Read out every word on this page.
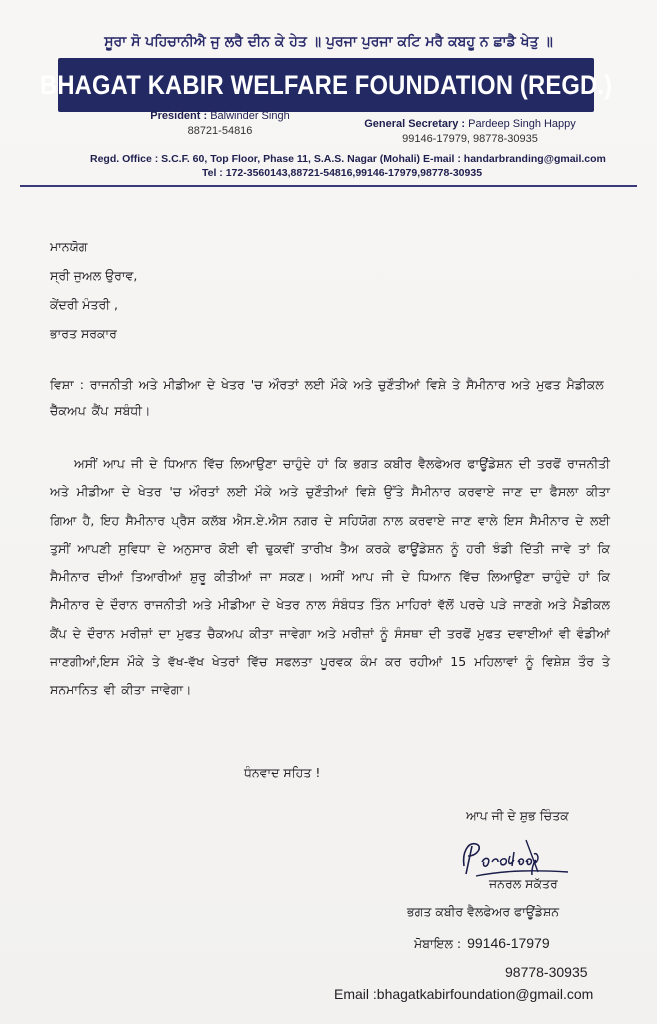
ਸੂਰਾ ਸੋ ਪਹਿਚਾਨੀਐ ਜੁ ਲਰੈ ਦੀਨ ਕੇ ਹੇਤ ॥ ਪੁਰਜਾ ਪੁਰਜਾ ਕਟਿ ਮਰੈ ਕਬਹੂ ਨ ਛਾਡੈ ਖੇਤੁ ॥
BHAGAT KABIR WELFARE FOUNDATION (REGD.)
President : Balwinder Singh
88721-54816
General Secretary : Pardeep Singh Happy
99146-17979, 98778-30935
Regd. Office : S.C.F. 60, Top Floor, Phase 11, S.A.S. Nagar (Mohali) E-mail : handarbranding@gmail.com
Tel : 172-3560143,88721-54816,99146-17979,98778-30935
ਮਾਨਯੋਗ
ਸ੍ਰੀ ਜੁਅਲ ਉਰਾਵ,
ਕੇਂਦਰੀ ਮੰਤਰੀ ,
ਭਾਰਤ ਸਰਕਾਰ
ਵਿਸ਼ਾ : ਰਾਜਨੀਤੀ ਅਤੇ ਮੀਡੀਆ ਦੇ ਖੇਤਰ 'ਚ ਔਰਤਾਂ ਲਈ ਮੌਕੇ ਅਤੇ ਚੁਣੌਤੀਆਂ ਵਿਸ਼ੇ ਤੇ ਸੈਮੀਨਾਰ ਅਤੇ ਮੁਫਤ ਮੈਡੀਕਲ ਚੈੱਕਅਪ ਕੈਂਪ ਸਬੰਧੀ।
ਅਸੀਂ ਆਪ ਜੀ ਦੇ ਧਿਆਨ ਵਿੱਚ ਲਿਆਉਣਾ ਚਾਹੁੰਦੇ ਹਾਂ ਕਿ ਭਗਤ ਕਬੀਰ ਵੈਲਫੇਅਰ ਫਾਊਂਡੇਸ਼ਨ ਦੀ ਤਰਫੋਂ ਰਾਜਨੀਤੀ ਅਤੇ ਮੀਡੀਆ ਦੇ ਖੇਤਰ 'ਚ ਔਰਤਾਂ ਲਈ ਮੌਕੇ ਅਤੇ ਚੁਣੌਤੀਆਂ ਵਿਸ਼ੇ ਉੱਤੇ ਸੈਮੀਨਾਰ ਕਰਵਾਏ ਜਾਣ ਦਾ ਫੈਸਲਾ ਕੀਤਾ ਗਿਆ ਹੈ, ਇਹ ਸੈਮੀਨਾਰ ਪ੍ਰੈਸ ਕਲੱਬ ਐਸ.ਏ.ਐਸ ਨਗਰ ਦੇ ਸਹਿਯੋਗ ਨਾਲ ਕਰਵਾਏ ਜਾਣ ਵਾਲੇ ਇਸ ਸੈਮੀਨਾਰ ਦੇ ਲਈ ਤੁਸੀਂ ਆਪਣੀ ਸੁਵਿਧਾ ਦੇ ਅਨੁਸਾਰ ਕੋਈ ਵੀ ਢੁਕਵੀਂ ਤਾਰੀਖ ਤੈਅ ਕਰਕੇ ਫਾਊਂਡੇਸ਼ਨ ਨੂੰ ਹਰੀ ਝੰਡੀ ਦਿੱਤੀ ਜਾਵੇ ਤਾਂ ਕਿ ਸੈਮੀਨਾਰ ਦੀਆਂ ਤਿਆਰੀਆਂ ਸ਼ੁਰੂ ਕੀਤੀਆਂ ਜਾ ਸਕਣ। ਅਸੀਂ ਆਪ ਜੀ ਦੇ ਧਿਆਨ ਵਿੱਚ ਲਿਆਉਣਾ ਚਾਹੁੰਦੇ ਹਾਂ ਕਿ ਸੈਮੀਨਾਰ ਦੇ ਦੌਰਾਨ ਰਾਜਨੀਤੀ ਅਤੇ ਮੀਡੀਆ ਦੇ ਖੇਤਰ ਨਾਲ ਸੰਬੰਧਤ ਤਿੰਨ ਮਾਹਿਰਾਂ ਵੱਲੋਂ ਪਰਚੇ ਪੜੇ ਜਾਣਗੇ ਅਤੇ ਮੈਡੀਕਲ ਕੈਂਪ ਦੇ ਦੌਰਾਨ ਮਰੀਜ਼ਾਂ ਦਾ ਮੁਫਤ ਚੈਕਅਪ ਕੀਤਾ ਜਾਵੇਗਾ ਅਤੇ ਮਰੀਜ਼ਾਂ ਨੂੰ ਸੰਸਥਾ ਦੀ ਤਰਫੋਂ ਮੁਫਤ ਦਵਾਈਆਂ ਵੀ ਵੰਡੀਆਂ ਜਾਣਗੀਆਂ,ਇਸ ਮੌਕੇ ਤੇ ਵੱਖ-ਵੱਖ ਖੇਤਰਾਂ ਵਿੱਚ ਸਫਲਤਾ ਪੂਰਵਕ ਕੰਮ ਕਰ ਰਹੀਆਂ 15 ਮਹਿਲਾਵਾਂ ਨੂੰ ਵਿਸ਼ੇਸ਼ ਤੌਰ ਤੇ ਸਨਮਾਨਿਤ ਵੀ ਕੀਤਾ ਜਾਵੇਗਾ।
ਧੰਨਵਾਦ ਸਹਿਤ !
ਆਪ ਜੀ ਦੇ ਸ਼ੁਭ ਚਿੰਤਕ
ਜਨਰਲ ਸਕੱਤਰ
ਭਗਤ ਕਬੀਰ ਵੈਲਫੇਅਰ ਫਾਊਂਡੇਸ਼ਨ
ਮੋਬਾਇਲ : 99146-17979
98778-30935
Email :bhagatkabirfoundation@gmail.com
